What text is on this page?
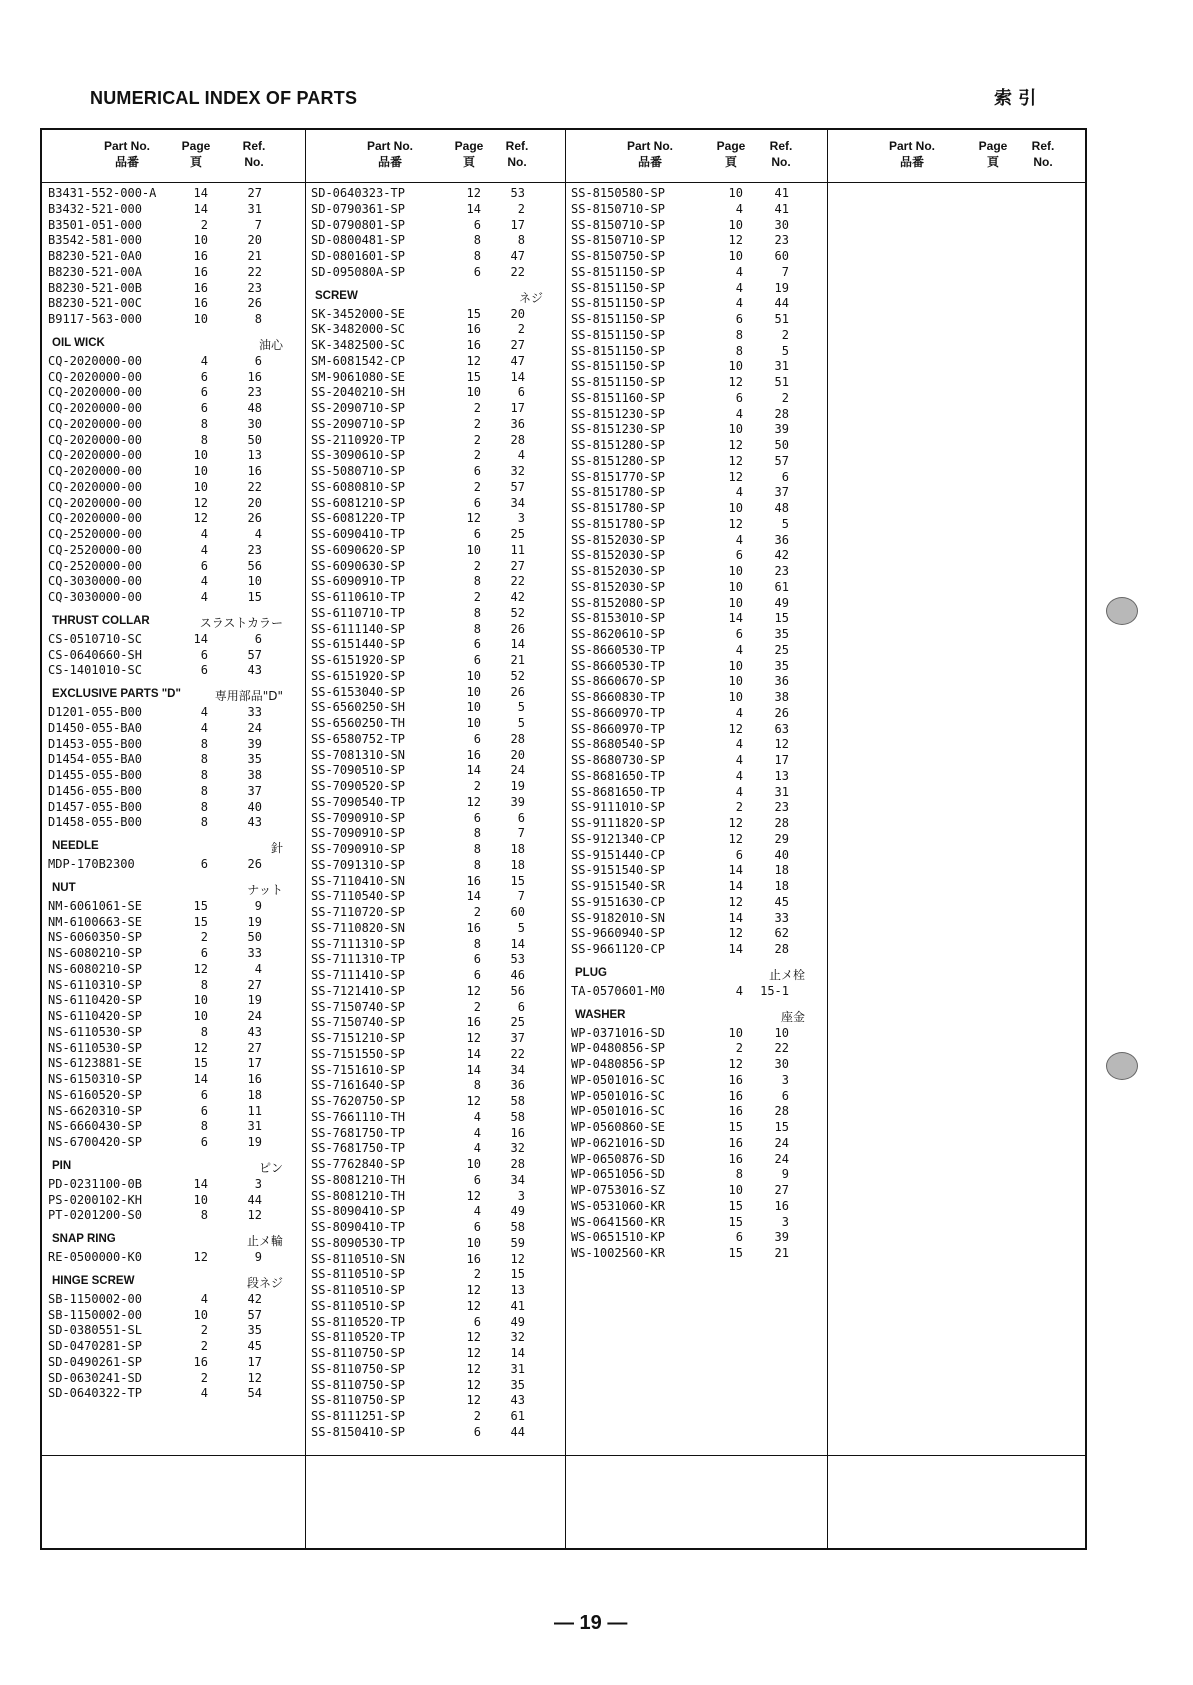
NUMERICAL INDEX OF PARTS	索 引
Part No.
品番
Page
頁
Ref.
No.
B3431-552-000-A	14	27
B3432-521-000	14	31
B3501-051-000	2	7
B3542-581-000	10	20
B8230-521-0A0	16	21
B8230-521-00A	16	22
B8230-521-00B	16	23
B8230-521-00C	16	26
B9117-563-000	10	8
OIL WICK	油心
CQ-2020000-00	4	6
CQ-2020000-00	6	16
CQ-2020000-00	6	23
CQ-2020000-00	6	48
CQ-2020000-00	8	30
CQ-2020000-00	8	50
CQ-2020000-00	10	13
CQ-2020000-00	10	16
CQ-2020000-00	10	22
CQ-2020000-00	12	20
CQ-2020000-00	12	26
CQ-2520000-00	4	4
CQ-2520000-00	4	23
CQ-2520000-00	6	56
CQ-3030000-00	4	10
CQ-3030000-00	4	15
THRUST COLLAR	スラストカラー
CS-0510710-SC	14	6
CS-0640660-SH	6	57
CS-1401010-SC	6	43
EXCLUSIVE PARTS "D"	専用部品"D"
D1201-055-B00	4	33
D1450-055-BA0	4	24
D1453-055-B00	8	39
D1454-055-BA0	8	35
D1455-055-B00	8	38
D1456-055-B00	8	37
D1457-055-B00	8	40
D1458-055-B00	8	43
NEEDLE	針
MDP-170B2300	6	26
NUT	ナット
NM-6061061-SE	15	9
NM-6100663-SE	15	19
NS-6060350-SP	2	50
NS-6080210-SP	6	33
NS-6080210-SP	12	4
NS-6110310-SP	8	27
NS-6110420-SP	10	19
NS-6110420-SP	10	24
NS-6110530-SP	8	43
NS-6110530-SP	12	27
NS-6123881-SE	15	17
NS-6150310-SP	14	16
NS-6160520-SP	6	18
NS-6620310-SP	6	11
NS-6660430-SP	8	31
NS-6700420-SP	6	19
PIN	ピン
PD-0231100-0B	14	3
PS-0200102-KH	10	44
PT-0201200-S0	8	12
SNAP RING	止メ輪
RE-0500000-K0	12	9
HINGE SCREW	段ネジ
SB-1150002-00	4	42
SB-1150002-00	10	57
SD-0380551-SL	2	35
SD-0470281-SP	2	45
SD-0490261-SP	16	17
SD-0630241-SD	2	12
SD-0640322-TP	4	54
Part No.
品番
Page
頁
Ref.
No.
SD-0640323-TP	12	53
SD-0790361-SP	14	2
SD-0790801-SP	6	17
SD-0800481-SP	8	8
SD-0801601-SP	8	47
SD-095080A-SP	6	22
SCREW	ネジ
SK-3452000-SE	15	20
SK-3482000-SC	16	2
SK-3482500-SC	16	27
SM-6081542-CP	12	47
SM-9061080-SE	15	14
SS-2040210-SH	10	6
SS-2090710-SP	2	17
SS-2090710-SP	2	36
SS-2110920-TP	2	28
SS-3090610-SP	2	4
SS-5080710-SP	6	32
SS-6080810-SP	2	57
SS-6081210-SP	6	34
SS-6081220-TP	12	3
SS-6090410-TP	6	25
SS-6090620-SP	10	11
SS-6090630-SP	2	27
SS-6090910-TP	8	22
SS-6110610-TP	2	42
SS-6110710-TP	8	52
SS-6111140-SP	8	26
SS-6151440-SP	6	14
SS-6151920-SP	6	21
SS-6151920-SP	10	52
SS-6153040-SP	10	26
SS-6560250-SH	10	5
SS-6560250-TH	10	5
SS-6580752-TP	6	28
SS-7081310-SN	16	20
SS-7090510-SP	14	24
SS-7090520-SP	2	19
SS-7090540-TP	12	39
SS-7090910-SP	6	6
SS-7090910-SP	8	7
SS-7090910-SP	8	18
SS-7091310-SP	8	18
SS-7110410-SN	16	15
SS-7110540-SP	14	7
SS-7110720-SP	2	60
SS-7110820-SN	16	5
SS-7111310-SP	8	14
SS-7111310-TP	6	53
SS-7111410-SP	6	46
SS-7121410-SP	12	56
SS-7150740-SP	2	6
SS-7150740-SP	16	25
SS-7151210-SP	12	37
SS-7151550-SP	14	22
SS-7151610-SP	14	34
SS-7161640-SP	8	36
SS-7620750-SP	12	58
SS-7661110-TH	4	58
SS-7681750-TP	4	16
SS-7681750-TP	4	32
SS-7762840-SP	10	28
SS-8081210-TH	6	34
SS-8081210-TH	12	3
SS-8090410-SP	4	49
SS-8090410-TP	6	58
SS-8090530-TP	10	59
SS-8110510-SN	16	12
SS-8110510-SP	2	15
SS-8110510-SP	12	13
SS-8110510-SP	12	41
SS-8110520-TP	6	49
SS-8110520-TP	12	32
SS-8110750-SP	12	14
SS-8110750-SP	12	31
SS-8110750-SP	12	35
SS-8110750-SP	12	43
SS-8111251-SP	2	61
SS-8150410-SP	6	44
Part No.
品番
Page
頁
Ref.
No.
SS-8150580-SP	10	41
SS-8150710-SP	4	41
SS-8150710-SP	10	30
SS-8150710-SP	12	23
SS-8150750-SP	10	60
SS-8151150-SP	4	7
SS-8151150-SP	4	19
SS-8151150-SP	4	44
SS-8151150-SP	6	51
SS-8151150-SP	8	2
SS-8151150-SP	8	5
SS-8151150-SP	10	31
SS-8151150-SP	12	51
SS-8151160-SP	6	2
SS-8151230-SP	4	28
SS-8151230-SP	10	39
SS-8151280-SP	12	50
SS-8151280-SP	12	57
SS-8151770-SP	12	6
SS-8151780-SP	4	37
SS-8151780-SP	10	48
SS-8151780-SP	12	5
SS-8152030-SP	4	36
SS-8152030-SP	6	42
SS-8152030-SP	10	23
SS-8152030-SP	10	61
SS-8152080-SP	10	49
SS-8153010-SP	14	15
SS-8620610-SP	6	35
SS-8660530-TP	4	25
SS-8660530-TP	10	35
SS-8660670-SP	10	36
SS-8660830-TP	10	38
SS-8660970-TP	4	26
SS-8660970-TP	12	63
SS-8680540-SP	4	12
SS-8680730-SP	4	17
SS-8681650-TP	4	13
SS-8681650-TP	4	31
SS-9111010-SP	2	23
SS-9111820-SP	12	28
SS-9121340-CP	12	29
SS-9151440-CP	6	40
SS-9151540-SP	14	18
SS-9151540-SR	14	18
SS-9151630-CP	12	45
SS-9182010-SN	14	33
SS-9660940-SP	12	62
SS-9661120-CP	14	28
PLUG	止メ栓
TA-0570601-M0	4	15-1
WASHER	座金
WP-0371016-SD	10	10
WP-0480856-SP	2	22
WP-0480856-SP	12	30
WP-0501016-SC	16	3
WP-0501016-SC	16	6
WP-0501016-SC	16	28
WP-0560860-SE	15	15
WP-0621016-SD	16	24
WP-0650876-SD	16	24
WP-0651056-SD	8	9
WP-0753016-SZ	10	27
WS-0531060-KR	15	16
WS-0641560-KR	15	3
WS-0651510-KP	6	39
WS-1002560-KR	15	21
Part No.
品番
Page
頁
Ref.
No.
— 19 —
